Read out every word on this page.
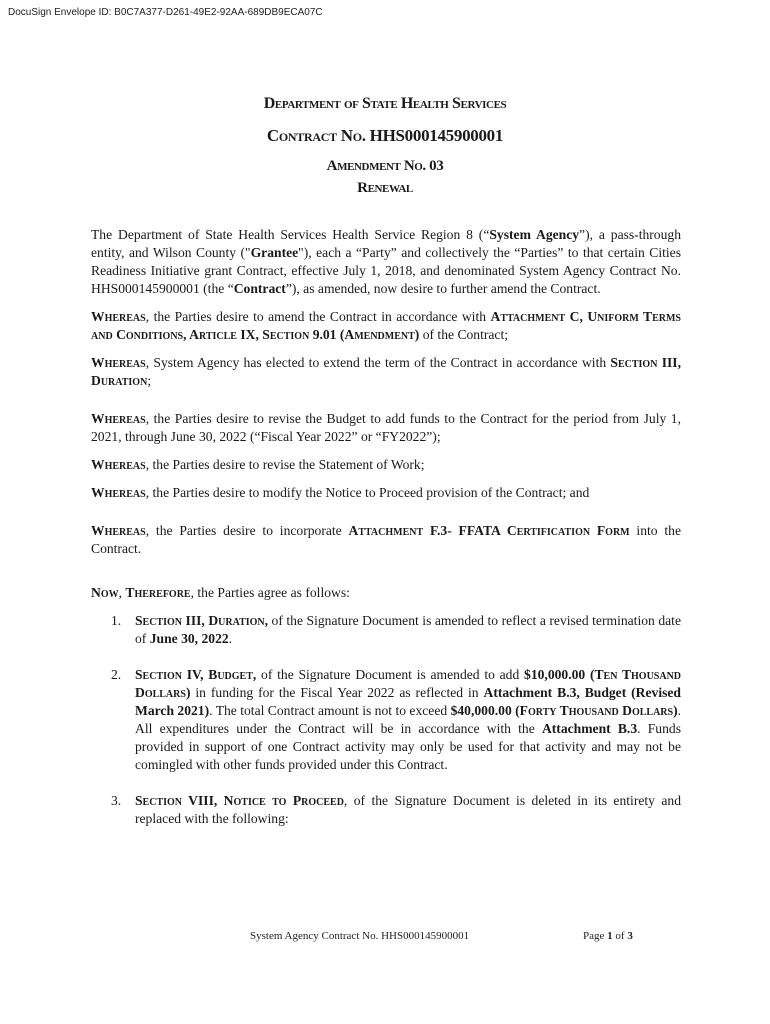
DocuSign Envelope ID: B0C7A377-D261-49E2-92AA-689DB9ECA07C
Department of State Health Services
Contract No. HHS000145900001
Amendment No. 03
Renewal

The Department of State Health Services Health Service Region 8 (“System Agency”), a pass-through entity, and Wilson County ("Grantee"), each a “Party” and collectively the “Parties” to that certain Cities Readiness Initiative grant Contract, effective July 1, 2018, and denominated System Agency Contract No. HHS000145900001 (the “Contract”), as amended, now desire to further amend the Contract.

Whereas, the Parties desire to amend the Contract in accordance with Attachment C, Uniform Terms and Conditions, Article IX, Section 9.01 (Amendment) of the Contract;

Whereas, System Agency has elected to extend the term of the Contract in accordance with Section III, Duration;

Whereas, the Parties desire to revise the Budget to add funds to the Contract for the period from July 1, 2021, through June 30, 2022 (“Fiscal Year 2022” or “FY2022”);

Whereas, the Parties desire to revise the Statement of Work;

Whereas, the Parties desire to modify the Notice to Proceed provision of the Contract; and

Whereas, the Parties desire to incorporate Attachment F.3- FFATA Certification Form into the Contract.

Now, Therefore, the Parties agree as follows:

1. Section III, Duration, of the Signature Document is amended to reflect a revised termination date of June 30, 2022.
2. Section IV, Budget, of the Signature Document is amended to add $10,000.00 (Ten Thousand Dollars) in funding for the Fiscal Year 2022 as reflected in Attachment B.3, Budget (Revised March 2021). The total Contract amount is not to exceed $40,000.00 (Forty Thousand Dollars). All expenditures under the Contract will be in accordance with the Attachment B.3. Funds provided in support of one Contract activity may only be used for that activity and may not be comingled with other funds provided under this Contract.
3. Section VIII, Notice to Proceed, of the Signature Document is deleted in its entirety and replaced with the following:
System Agency Contract No. HHS000145900001	Page 1 of 3
